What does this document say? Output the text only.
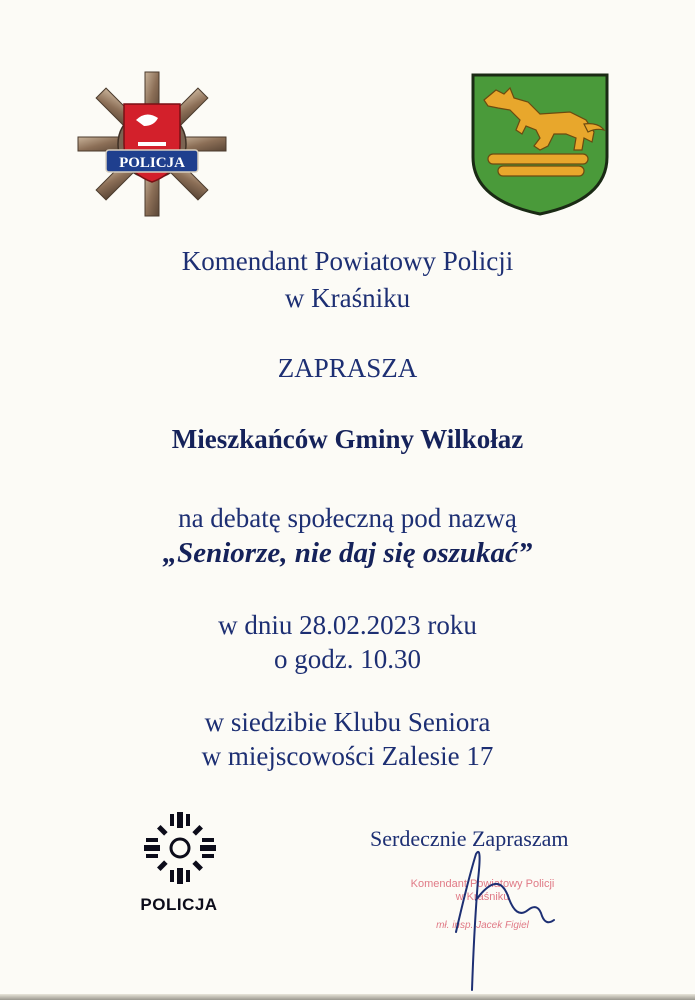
POLICJA
Komendant Powiatowy Policji
w Kraśniku
ZAPRASZA
Mieszkańców Gminy Wilkołaz
na debatę społeczną pod nazwą
„Seniorze, nie daj się oszukać”
w dniu 28.02.2023 roku
o godz. 10.30
w siedzibie Klubu Seniora
w miejscowości Zalesie 17
POLICJA
Serdecznie Zapraszam
Komendant Powiatowy Policji
w Kraśniku
mł. insp. Jacek Figiel
